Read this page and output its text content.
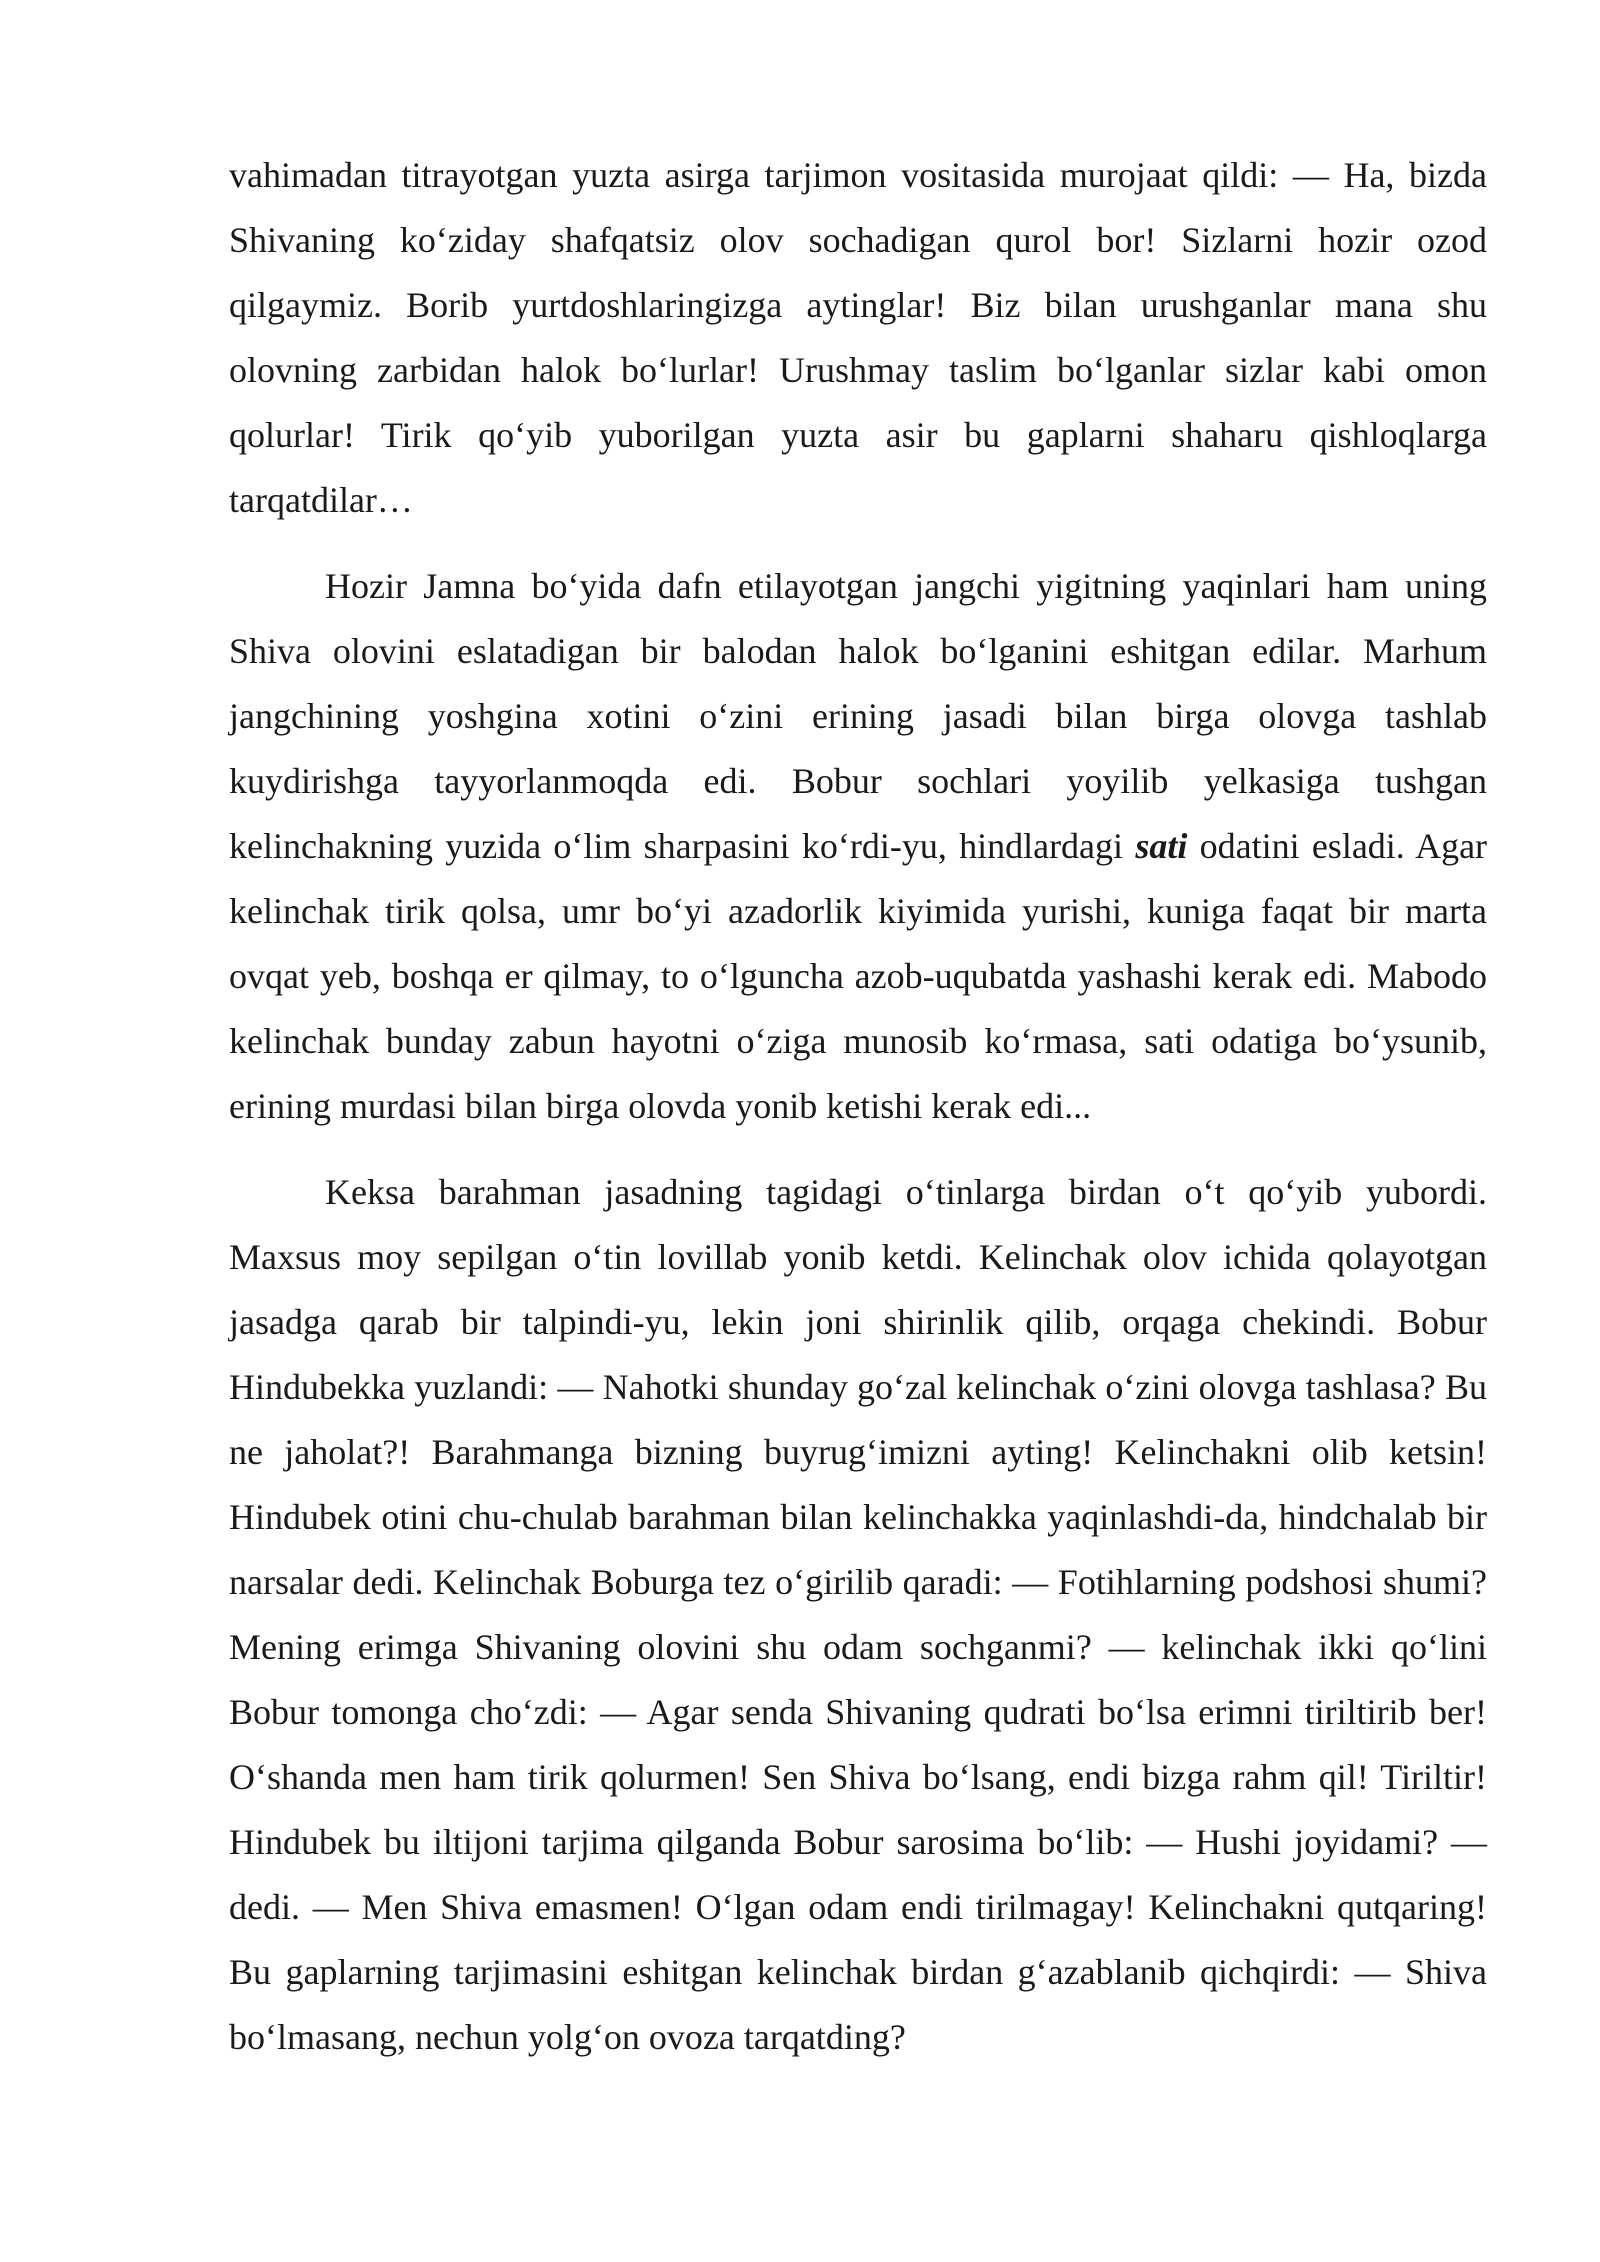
vahimadan titrayotgan yuzta asirga tarjimon vositasida murojaat qildi: — Ha, bizda Shivaning ko‘ziday shafqatsiz olov sochadigan qurol bor! Sizlarni hozir ozod qilgaymiz. Borib yurtdoshlaringizga aytinglar! Biz bilan urushganlar mana shu olovning zarbidan halok bo‘lurlar! Urushmay taslim bo‘lganlar sizlar kabi omon qolurlar! Tirik qo‘yib yuborilgan yuzta asir bu gaplarni shaharu qishloqlarga tarqatdilar…

Hozir Jamna bo‘yida dafn etilayotgan jangchi yigitning yaqinlari ham uning Shiva olovini eslatadigan bir balodan halok bo‘lganini eshitgan edilar. Marhum jangchining yoshgina xotini o‘zini erining jasadi bilan birga olovga tashlab kuydirishga tayyorlanmoqda edi. Bobur sochlari yoyilib yelkasiga tushgan kelinchakning yuzida o‘lim sharpasini ko‘rdi-yu, hindlardagi sati odatini esladi. Agar kelinchak tirik qolsa, umr bo‘yi azadorlik kiyimida yurishi, kuniga faqat bir marta ovqat yeb, boshqa er qilmay, to o‘lguncha azob-uqubatda yashashi kerak edi. Mabodo kelinchak bunday zabun hayotni o‘ziga munosib ko‘rmasa, sati odatiga bo‘ysunib, erining murdasi bilan birga olovda yonib ketishi kerak edi...

Keksa barahman jasadning tagidagi o‘tinlarga birdan o‘t qo‘yib yubordi. Maxsus moy sepilgan o‘tin lovillab yonib ketdi. Kelinchak olov ichida qolayotgan jasadga qarab bir talpindi-yu, lekin joni shirinlik qilib, orqaga chekindi. Bobur Hindubekka yuzlandi: — Nahotki shunday go‘zal kelinchak o‘zini olovga tashlasa? Bu ne jaholat?! Barahmanga bizning buyrug‘imizni ayting! Kelinchakni olib ketsin! Hindubek otini chu-chulab barahman bilan kelinchakka yaqinlashdi-da, hindchalab bir narsalar dedi. Kelinchak Boburga tez o‘girilib qaradi: — Fotihlarning podshosi shumi? Mening erimga Shivaning olovini shu odam sochganmi? — kelinchak ikki qo‘lini Bobur tomonga cho‘zdi: — Agar senda Shivaning qudrati bo‘lsa erimni tiriltirib ber! O‘shanda men ham tirik qolurmen! Sen Shiva bo‘lsang, endi bizga rahm qil! Tiriltir! Hindubek bu iltijoni tarjima qilganda Bobur sarosima bo‘lib: — Hushi joyidami? — dedi. — Men Shiva emasmen! O‘lgan odam endi tirilmagay! Kelinchakni qutqaring! Bu gaplarning tarjimasini eshitgan kelinchak birdan g‘azablanib qichqirdi: — Shiva bo‘lmasang, nechun yolg‘on ovoza tarqatding?
